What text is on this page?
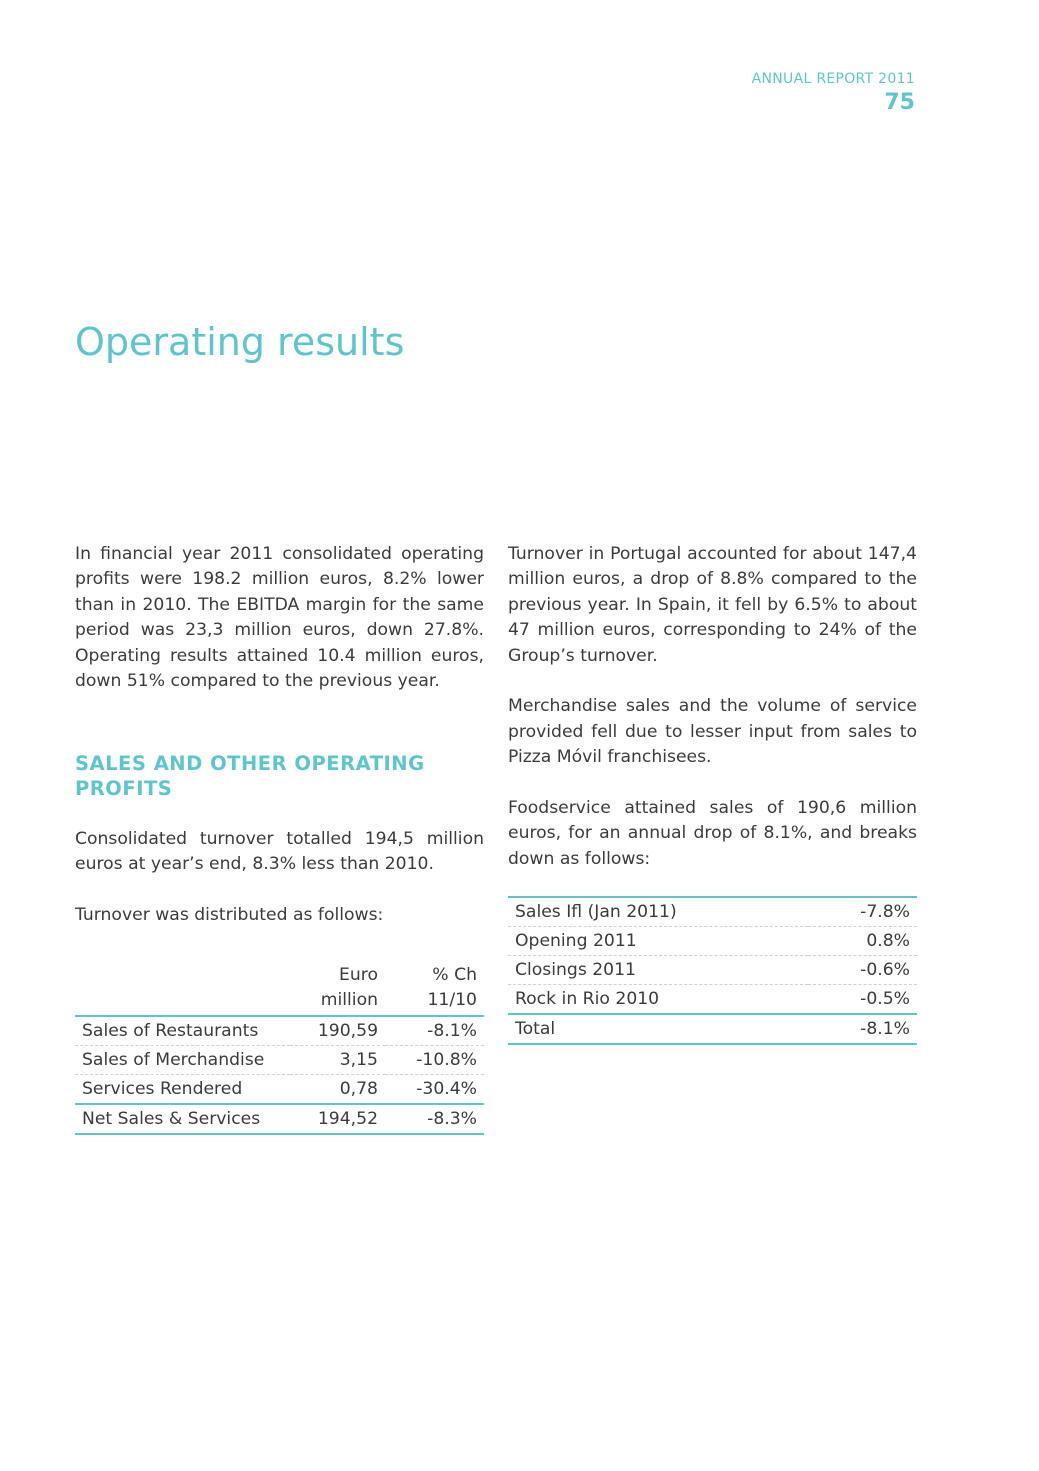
ANNUAL REPORT 2011
75
Operating results

In financial year 2011 consolidated operating profits were 198.2 million euros, 8.2% lower than in 2010. The EBITDA margin for the same period was 23,3 million euros, down 27.8%. Operating results attained 10.4 million euros, down 51% compared to the previous year.

SALES AND OTHER OPERATING PROFITS

Consolidated turnover totalled 194,5 million euros at year’s end, 8.3% less than 2010.

Turnover was distributed as follows:

	Euro	% Ch
	million	11/10
Sales of Restaurants	190,59	-8.1%
Sales of Merchandise	3,15	-10.8%
Services Rendered	0,78	-30.4%
Net Sales & Services	194,52	-8.3%

Turnover in Portugal accounted for about 147,4 million euros, a drop of 8.8% compared to the previous year. In Spain, it fell by 6.5% to about 47 million euros, corresponding to 24% of the Group’s turnover.

Merchandise sales and the volume of service provided fell due to lesser input from sales to Pizza Móvil franchisees.

Foodservice attained sales of 190,6 million euros, for an annual drop of 8.1%, and breaks down as follows:

Sales Ifl (Jan 2011)	-7.8%
Opening 2011	0.8%
Closings 2011	-0.6%
Rock in Rio 2010	-0.5%
Total	-8.1%
